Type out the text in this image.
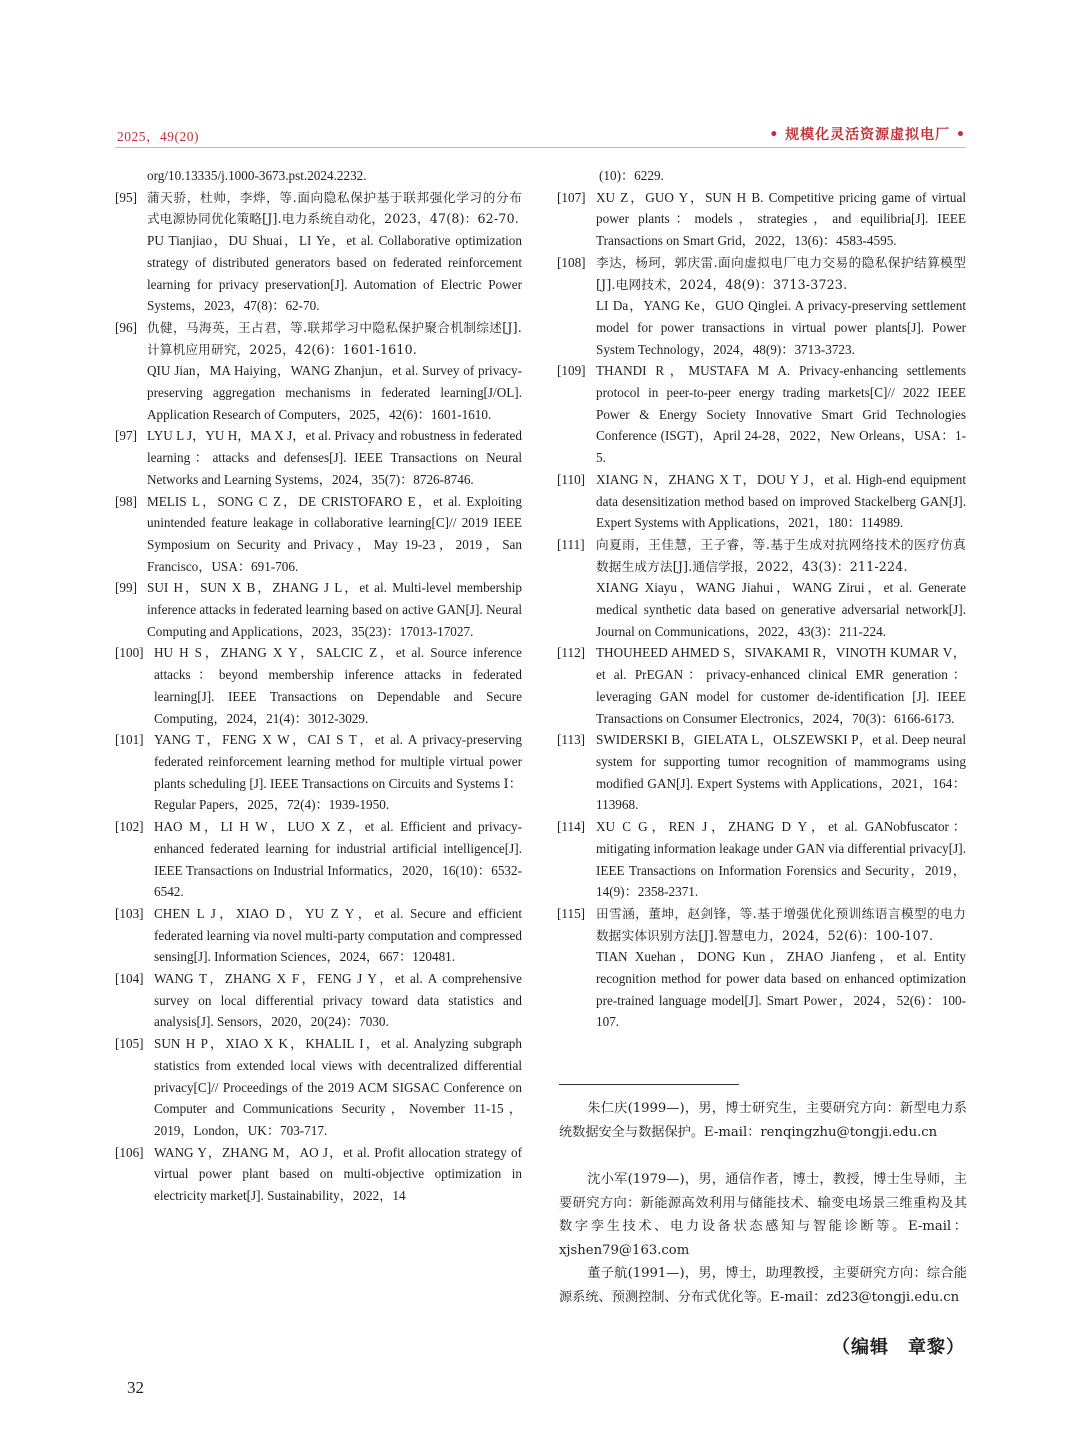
2025，49(20)	• 规模化灵活资源虚拟电厂 •
org/10.13335/j.1000-3673.pst.2024.2232.
[95] 蒲天骄，杜帅，李烨，等.面向隐私保护基于联邦强化学习的分布式电源协同优化策略[J].电力系统自动化，2023，47(8)：62-70.
PU Tianjiao，DU Shuai，LI Ye，et al. Collaborative optimization strategy of distributed generators based on federated reinforcement learning for privacy preservation[J]. Automation of Electric Power Systems，2023，47(8)：62-70.
[96] 仇健，马海英，王占君，等.联邦学习中隐私保护聚合机制综述[J].计算机应用研究，2025，42(6)：1601-1610.
QIU Jian，MA Haiying，WANG Zhanjun，et al. Survey of privacy-preserving aggregation mechanisms in federated learning[J/OL]. Application Research of Computers，2025，42(6)：1601-1610.
[97] LYU L J，YU H，MA X J，et al. Privacy and robustness in federated learning：attacks and defenses[J]. IEEE Transactions on Neural Networks and Learning Systems，2024，35(7)：8726-8746.
[98] MELIS L，SONG C Z，DE CRISTOFARO E，et al. Exploiting unintended feature leakage in collaborative learning[C]// 2019 IEEE Symposium on Security and Privacy，May 19-23，2019，San Francisco，USA：691-706.
[99] SUI H，SUN X B，ZHANG J L，et al. Multi-level membership inference attacks in federated learning based on active GAN[J]. Neural Computing and Applications，2023，35(23)：17013-17027.
[100] HU H S，ZHANG X Y，SALCIC Z，et al. Source inference attacks：beyond membership inference attacks in federated learning[J]. IEEE Transactions on Dependable and Secure Computing，2024，21(4)：3012-3029.
[101] YANG T，FENG X W，CAI S T，et al. A privacy-preserving federated reinforcement learning method for multiple virtual power plants scheduling [J]. IEEE Transactions on Circuits and Systems Ⅰ：Regular Papers，2025，72(4)：1939-1950.
[102] HAO M，LI H W，LUO X Z，et al. Efficient and privacy-enhanced federated learning for industrial artificial intelligence[J]. IEEE Transactions on Industrial Informatics，2020，16(10)：6532-6542.
[103] CHEN L J，XIAO D，YU Z Y，et al. Secure and efficient federated learning via novel multi-party computation and compressed sensing[J]. Information Sciences，2024，667：120481.
[104] WANG T，ZHANG X F，FENG J Y，et al. A comprehensive survey on local differential privacy toward data statistics and analysis[J]. Sensors，2020，20(24)：7030.
[105] SUN H P，XIAO X K，KHALIL I，et al. Analyzing subgraph statistics from extended local views with decentralized differential privacy[C]// Proceedings of the 2019 ACM SIGSAC Conference on Computer and Communications Security，November 11-15，2019，London，UK：703-717.
[106] WANG Y，ZHANG M，AO J，et al. Profit allocation strategy of virtual power plant based on multi-objective optimization in electricity market[J]. Sustainability，2022，14
(10)：6229.
[107] XU Z，GUO Y，SUN H B. Competitive pricing game of virtual power plants：models，strategies，and equilibria[J]. IEEE Transactions on Smart Grid，2022，13(6)：4583-4595.
[108] 李达，杨珂，郭庆雷.面向虚拟电厂电力交易的隐私保护结算模型[J].电网技术，2024，48(9)：3713-3723.
LI Da，YANG Ke，GUO Qinglei. A privacy-preserving settlement model for power transactions in virtual power plants[J]. Power System Technology，2024，48(9)：3713-3723.
[109] THANDI R，MUSTAFA M A. Privacy-enhancing settlements protocol in peer-to-peer energy trading markets[C]// 2022 IEEE Power & Energy Society Innovative Smart Grid Technologies Conference (ISGT)，April 24-28，2022，New Orleans，USA：1-5.
[110] XIANG N，ZHANG X T，DOU Y J，et al. High-end equipment data desensitization method based on improved Stackelberg GAN[J]. Expert Systems with Applications，2021，180：114989.
[111] 向夏雨，王佳慧，王子睿，等.基于生成对抗网络技术的医疗仿真数据生成方法[J].通信学报，2022，43(3)：211-224.
XIANG Xiayu，WANG Jiahui，WANG Zirui，et al. Generate medical synthetic data based on generative adversarial network[J]. Journal on Communications，2022，43(3)：211-224.
[112] THOUHEED AHMED S，SIVAKAMI R，VINOTH KUMAR V，et al. PrEGAN：privacy-enhanced clinical EMR generation：leveraging GAN model for customer de-identification [J]. IEEE Transactions on Consumer Electronics，2024，70(3)：6166-6173.
[113] SWIDERSKI B，GIELATA L，OLSZEWSKI P，et al. Deep neural system for supporting tumor recognition of mammograms using modified GAN[J]. Expert Systems with Applications，2021，164：113968.
[114] XU C G，REN J，ZHANG D Y，et al. GANobfuscator：mitigating information leakage under GAN via differential privacy[J]. IEEE Transactions on Information Forensics and Security，2019，14(9)：2358-2371.
[115] 田雪涵，董坤，赵剑锋，等.基于增强优化预训练语言模型的电力数据实体识别方法[J].智慧电力，2024，52(6)：100-107.
TIAN Xuehan，DONG Kun，ZHAO Jianfeng，et al. Entity recognition method for power data based on enhanced optimization pre-trained language model[J]. Smart Power，2024，52(6)：100-107.
朱仁庆(1999—)，男，博士研究生，主要研究方向：新型电力系统数据安全与数据保护。E-mail：renqingzhu@tongji.edu.cn
沈小军(1979—)，男，通信作者，博士，教授，博士生导师，主要研究方向：新能源高效利用与储能技术、输变电场景三维重构及其数字孪生技术、电力设备状态感知与智能诊断等。E-mail：xjshen79@163.com
董子航(1991—)，男，博士，助理教授，主要研究方向：综合能源系统、预测控制、分布式优化等。E-mail：zd23@tongji.edu.cn
（编辑　章黎）
32
